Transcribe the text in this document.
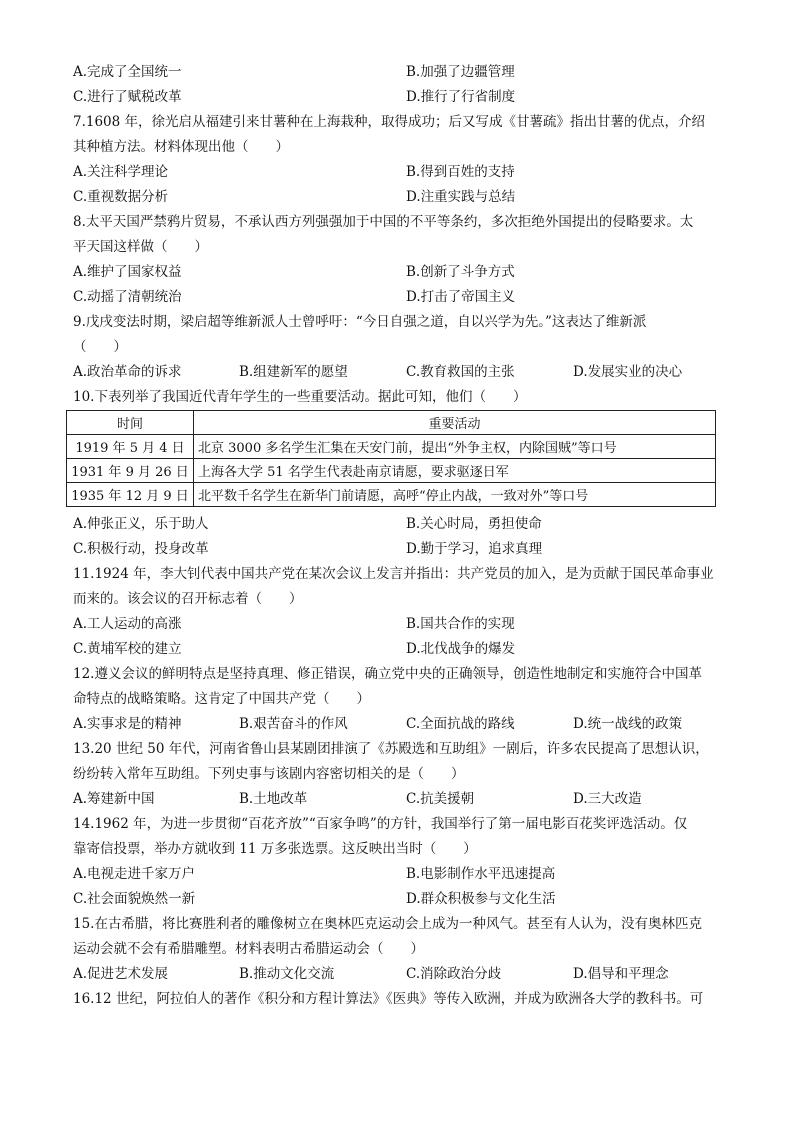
A.完成了全国统一	B.加强了边疆管理
C.进行了赋税改革	D.推行了行省制度
7.1608 年，徐光启从福建引来甘薯种在上海栽种，取得成功；后又写成《甘薯疏》指出甘薯的优点，介绍
其种植方法。材料体现出他（　　）
A.关注科学理论	B.得到百姓的支持
C.重视数据分析	D.注重实践与总结
8.太平天国严禁鸦片贸易，不承认西方列强强加于中国的不平等条约，多次拒绝外国提出的侵略要求。太
平天国这样做（　　）
A.维护了国家权益	B.创新了斗争方式
C.动摇了清朝统治	D.打击了帝国主义
9.戊戌变法时期，梁启超等维新派人士曾呼吁：“今日自强之道，自以兴学为先。”这表达了维新派
（　　）
A.政治革命的诉求	B.组建新军的愿望	C.教育救国的主张	D.发展实业的决心
10.下表列举了我国近代青年学生的一些重要活动。据此可知，他们（　　）
时间	重要活动
1919 年 5 月 4 日	北京 3000 多名学生汇集在天安门前，提出“外争主权，内除国贼”等口号
1931 年 9 月 26 日	上海各大学 51 名学生代表赴南京请愿，要求驱逐日军
1935 年 12 月 9 日	北平数千名学生在新华门前请愿，高呼“停止内战，一致对外”等口号
A.伸张正义，乐于助人	B.关心时局，勇担使命
C.积极行动，投身改革	D.勤于学习，追求真理
11.1924 年，李大钊代表中国共产党在某次会议上发言并指出：共产党员的加入，是为贡献于国民革命事业
而来的。该会议的召开标志着（　　）
A.工人运动的高涨	B.国共合作的实现
C.黄埔军校的建立	D.北伐战争的爆发
12.遵义会议的鲜明特点是坚持真理、修正错误，确立党中央的正确领导，创造性地制定和实施符合中国革
命特点的战略策略。这肯定了中国共产党（　　）
A.实事求是的精神	B.艰苦奋斗的作风	C.全面抗战的路线	D.统一战线的政策
13.20 世纪 50 年代，河南省鲁山县某剧团排演了《苏殿选和互助组》一剧后，许多农民提高了思想认识，
纷纷转入常年互助组。下列史事与该剧内容密切相关的是（　　）
A.筹建新中国	B.土地改革	C.抗美援朝	D.三大改造
14.1962 年，为进一步贯彻“百花齐放”“百家争鸣”的方针，我国举行了第一届电影百花奖评选活动。仅
靠寄信投票，举办方就收到 11 万多张选票。这反映出当时（　　）
A.电视走进千家万户	B.电影制作水平迅速提高
C.社会面貌焕然一新	D.群众积极参与文化生活
15.在古希腊，将比赛胜利者的雕像树立在奥林匹克运动会上成为一种风气。甚至有人认为，没有奥林匹克
运动会就不会有希腊雕塑。材料表明古希腊运动会（　　）
A.促进艺术发展	B.推动文化交流	C.消除政治分歧	D.倡导和平理念
16.12 世纪，阿拉伯人的著作《积分和方程计算法》《医典》等传入欧洲，并成为欧洲各大学的教科书。可
